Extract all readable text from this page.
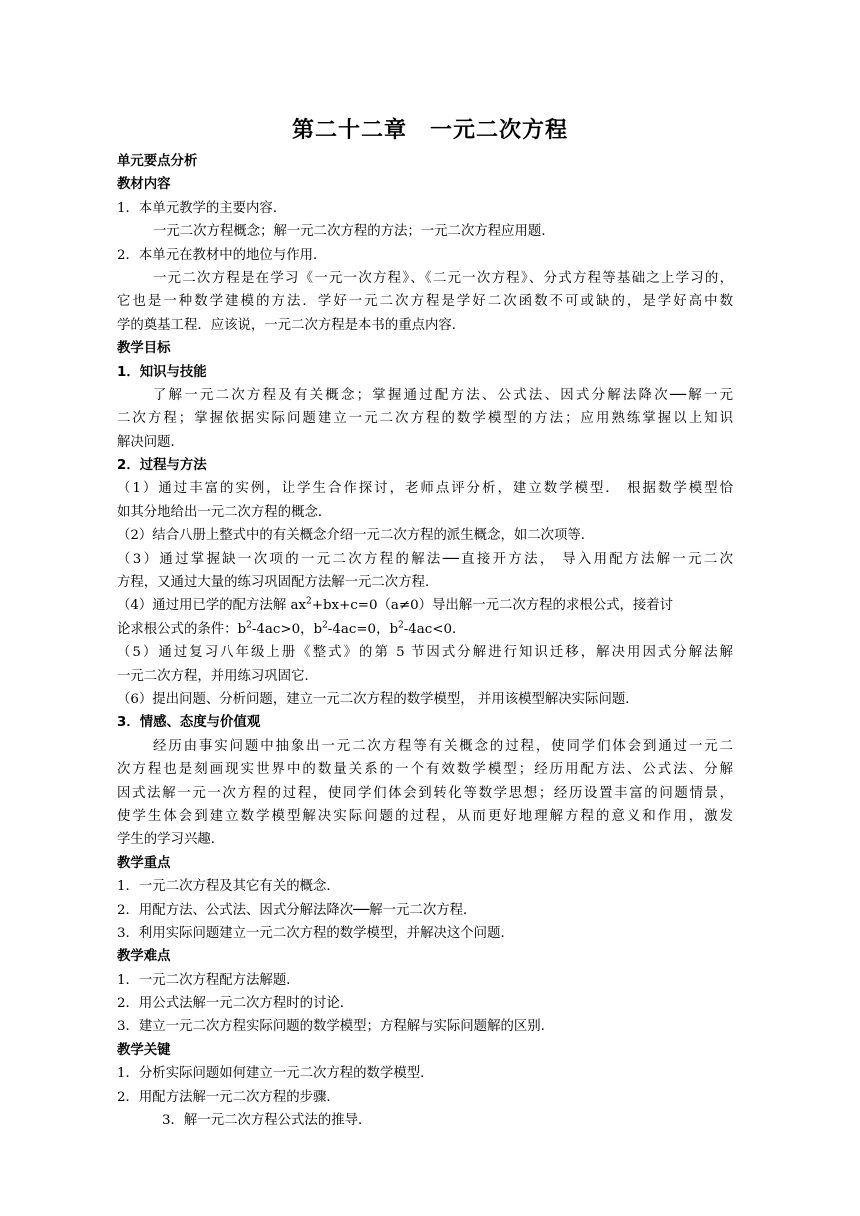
第二十二章　一元二次方程
单元要点分析
教材内容
1．本单元教学的主要内容．
一元二次方程概念；解一元二次方程的方法；一元二次方程应用题．
2．本单元在教材中的地位与作用．
一元二次方程是在学习《一元一次方程》、《二元一次方程》、分式方程等基础之上学习的，
它也是一种数学建模的方法．学好一元二次方程是学好二次函数不可或缺的，是学好高中数
学的奠基工程．应该说，一元二次方程是本书的重点内容．
教学目标
1．知识与技能
了解一元二次方程及有关概念；掌握通过配方法、公式法、因式分解法降次──解一元
二次方程；掌握依据实际问题建立一元二次方程的数学模型的方法；应用熟练掌握以上知识
解决问题．
2．过程与方法
（1）通过丰富的实例，让学生合作探讨，老师点评分析，建立数学模型． 根据数学模型恰
如其分地给出一元二次方程的概念．
（2）结合八册上整式中的有关概念介绍一元二次方程的派生概念，如二次项等．
（3）通过掌握缺一次项的一元二次方程的解法──直接开方法， 导入用配方法解一元二次
方程，又通过大量的练习巩固配方法解一元二次方程．
（4）通过用已学的配方法解 $ax^2+bx+c=0(a\ne 0)$导出解一元二次方程的求根公式，接着讨
论求根公式的条件：$b^2-4ac>0$，$b^2-4ac=0$，$b^2-4ac<0$．
（5）通过复习八年级上册《整式》的第 5 节因式分解进行知识迁移，解决用因式分解法解
一元二次方程，并用练习巩固它．
（6）提出问题、分析问题，建立一元二次方程的数学模型， 并用该模型解决实际问题．
3．情感、态度与价值观
经历由事实问题中抽象出一元二次方程等有关概念的过程，使同学们体会到通过一元二
次方程也是刻画现实世界中的数量关系的一个有效数学模型；经历用配方法、公式法、分解
因式法解一元一次方程的过程，使同学们体会到转化等数学思想；经历设置丰富的问题情景，
使学生体会到建立数学模型解决实际问题的过程，从而更好地理解方程的意义和作用，激发
学生的学习兴趣．
教学重点
1．一元二次方程及其它有关的概念．
2．用配方法、公式法、因式分解法降次──解一元二次方程．
3．利用实际问题建立一元二次方程的数学模型，并解决这个问题．
教学难点
1．一元二次方程配方法解题．
2．用公式法解一元二次方程时的讨论．
3．建立一元二次方程实际问题的数学模型；方程解与实际问题解的区别．
教学关键
1．分析实际问题如何建立一元二次方程的数学模型．
2．用配方法解一元二次方程的步骤．
3．解一元二次方程公式法的推导．
